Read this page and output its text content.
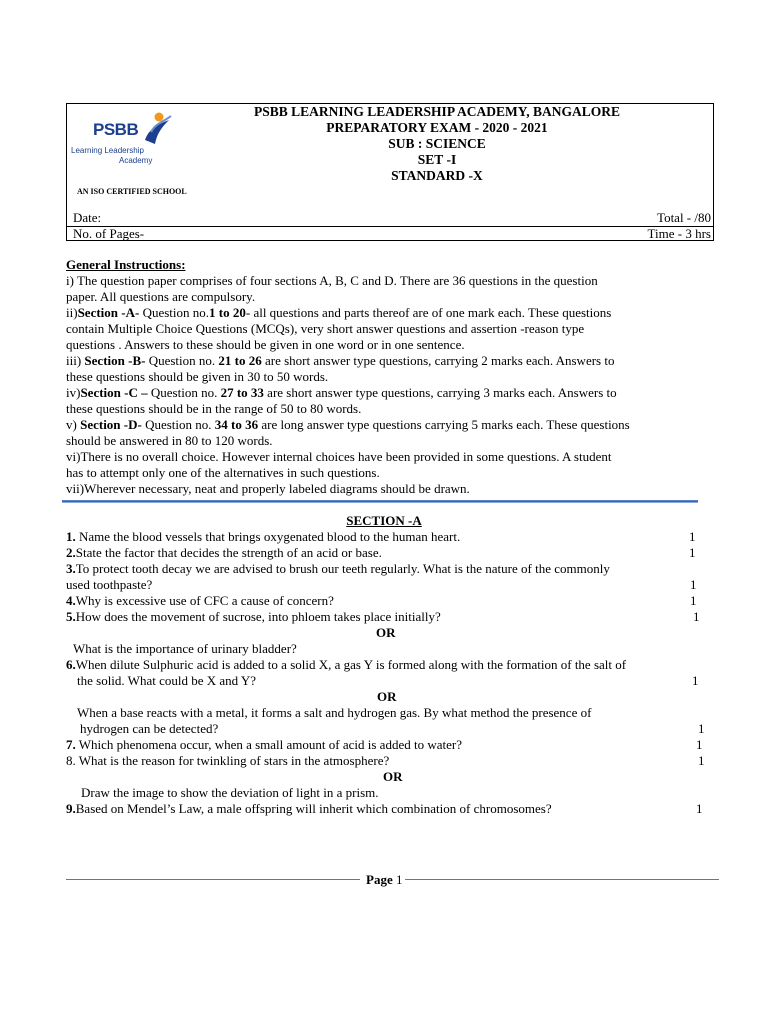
PSBB
Learning Leadership
Academy
PSBB LEARNING LEADERSHIP ACADEMY, BANGALORE
PREPARATORY EXAM - 2020 - 2021
SUB : SCIENCE
SET -I
STANDARD -X
AN ISO CERTIFIED SCHOOL
Date:
No. of Pages-
Total - /80
Time - 3 hrs
General Instructions:
i) The question paper comprises of four sections A, B, C and D. There are 36 questions in the question
paper. All questions are compulsory.
ii)Section -A- Question no.1 to 20- all questions and parts thereof are of one mark each. These questions
contain Multiple Choice Questions (MCQs), very short answer questions and assertion -reason type
questions . Answers to these should be given in one word or in one sentence.
iii) Section -B- Question no. 21 to 26 are short answer type questions, carrying 2 marks each. Answers to
these questions should be given in 30 to 50 words.
iv)Section -C – Question no. 27 to 33 are short answer type questions, carrying 3 marks each. Answers to
these questions should be in the range of 50 to 80 words.
v) Section -D- Question no. 34 to 36 are long answer type questions carrying 5 marks each. These questions
should be answered in 80 to 120 words.
vi)There is no overall choice. However internal choices have been provided in some questions. A student
has to attempt only one of the alternatives in such questions.
vii)Wherever necessary, neat and properly labeled diagrams should be drawn.
SECTION -A
1. Name the blood vessels that brings oxygenated blood to the human heart.	1
2.State the factor that decides the strength of an acid or base.	1
3.To protect tooth decay we are advised to brush our teeth regularly. What is the nature of the commonly
used toothpaste?	1
4.Why is excessive use of CFC a cause of concern?	1
5.How does the movement of sucrose, into phloem takes place initially?	1
OR
What is the importance of urinary bladder?
6.When dilute Sulphuric acid is added to a solid X, a gas Y is formed along with the formation of the salt of
the solid. What could be X and Y?	1
OR
When a base reacts with a metal, it forms a salt and hydrogen gas. By what method the presence of
hydrogen can be detected?	1
7. Which phenomena occur, when a small amount of acid is added to water?	1
8. What is the reason for twinkling of stars in the atmosphere?	1
OR
Draw the image to show the deviation of light in a prism.
9.Based on Mendel’s Law, a male offspring will inherit which combination of chromosomes?	1
Page 1
